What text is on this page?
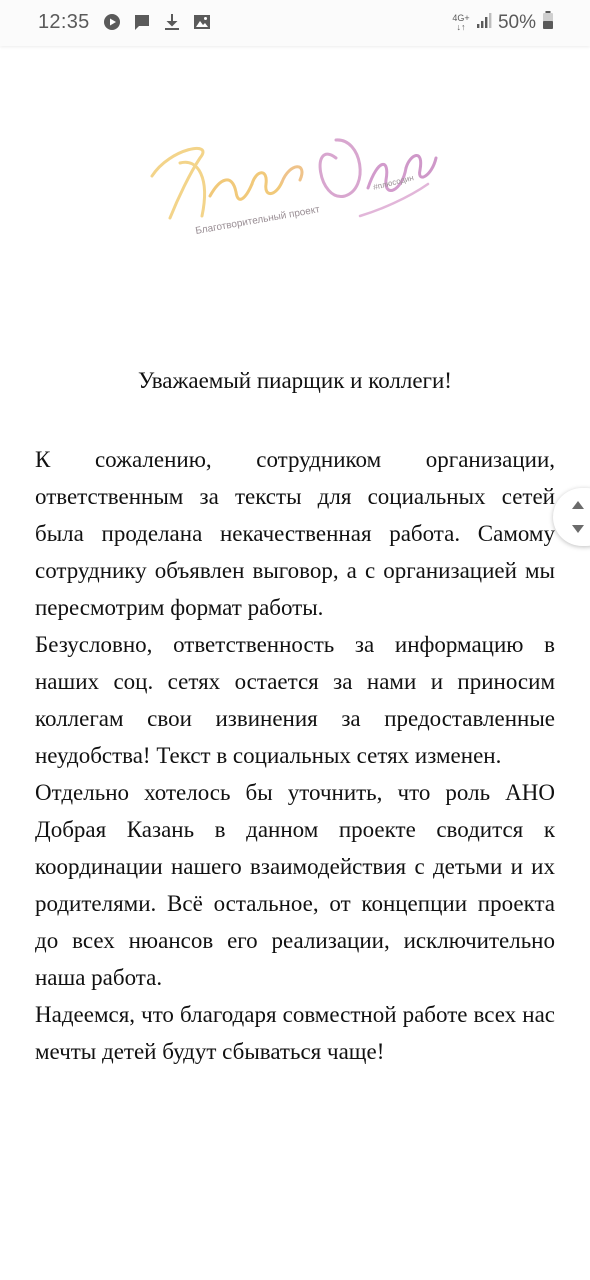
12:35	4G+
↓↑ 50%
Благотворительный проект
#плюсодин
Уважаемый пиарщик и коллеги!

К сожалению, сотрудником организации, ответственным за тексты для социальных сетей была проделана некачественная работа. Самому сотруднику объявлен выговор, а с организацией мы пересмотрим формат работы.

Безусловно, ответственность за информацию в наших соц. сетях остается за нами и приносим коллегам свои извинения за предоставленные неудобства! Текст в социальных сетях изменен.

Отдельно хотелось бы уточнить, что роль АНО Добрая Казань в данном проекте сводится к координации нашего взаимодействия с детьми и их родителями. Всё остальное, от концепции проекта до всех нюансов его реализации, исключительно наша работа.

Надеемся, что благодаря совместной работе всех нас мечты детей будут сбываться чаще!
